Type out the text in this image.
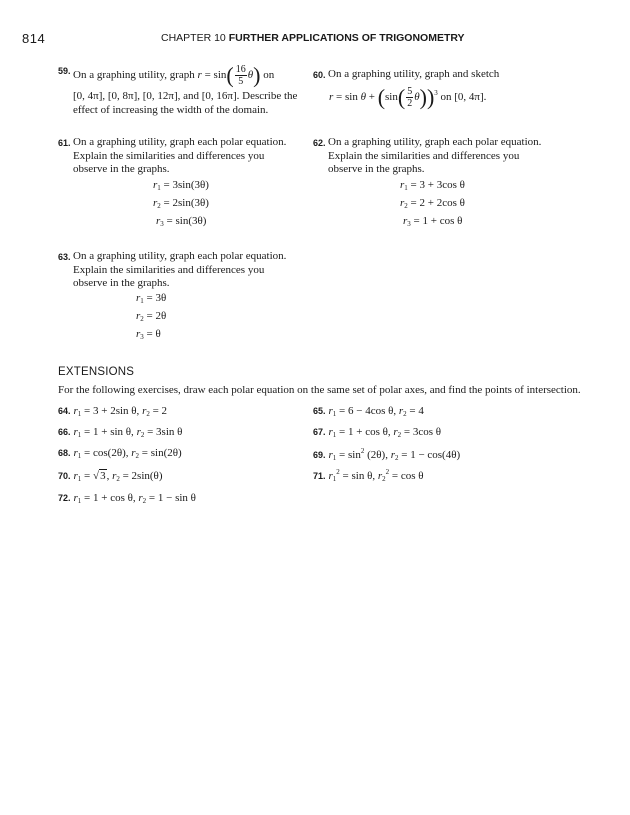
814	CHAPTER 10 FURTHER APPLICATIONS OF TRIGONOMETRY
59. On a graphing utility, graph $r = \sin( \frac{16}{5} \theta)$ on
[0, 4π], [0, 8π], [0, 12π], and [0, 16π]. Describe the effect of increasing the width of the domain.
60. On a graphing utility, graph and sketch
$r = \sin \theta + (\sin( \frac{5}{2} \theta))^3$ on [0, 4π].
61. On a graphing utility, graph each polar equation. Explain the similarities and differences you observe in the graphs.
$r_1 = 3\sin(3\theta)$
$r_2 = 2\sin(3\theta)$
$r_3 = \sin(3\theta)$
62. On a graphing utility, graph each polar equation. Explain the similarities and differences you observe in the graphs.
$r_1 = 3 + 3\cos$ θ
$r_2 = 2 + 2\cos$ θ
$r_3 = 1 + \cos \theta$
63. On a graphing utility, graph each polar equation. Explain the similarities and differences you observe in the graphs.
$r_1 = 3\theta$
$r_2 = 2\theta$
$r_3 = \theta$
EXTENSIONS
For the following exercises, draw each polar equation on the same set of polar axes, and find the points of intersection.
64. $r_1 = 3 + 2\sin$ θ, $r_2 = 2$	65. $r_1 = 6 - 4\cos$ θ, $r_2 = 4$
66. $r_1 = 1 + \sin \theta$, $r_2 = 3\sin$ θ	67. $r_1 = 1 + \cos \theta$, $r_2 = 3\cos$ θ
68. $r_1 = \cos(2\theta)$, $r_2 = \sin(2\theta)$	69. $r_1 = \sin^2 (2\theta)$, $r_2 = 1 - \cos(4\theta)$
70. $r_1 = √3$, $r_2 = 2\sin(\theta)$	71. $r_1^2 = \sin \theta$, $r_2^2 = \cos \theta$
72. $r_1 = 1 + \cos \theta$, $r_2 = 1 - \sin \theta$
